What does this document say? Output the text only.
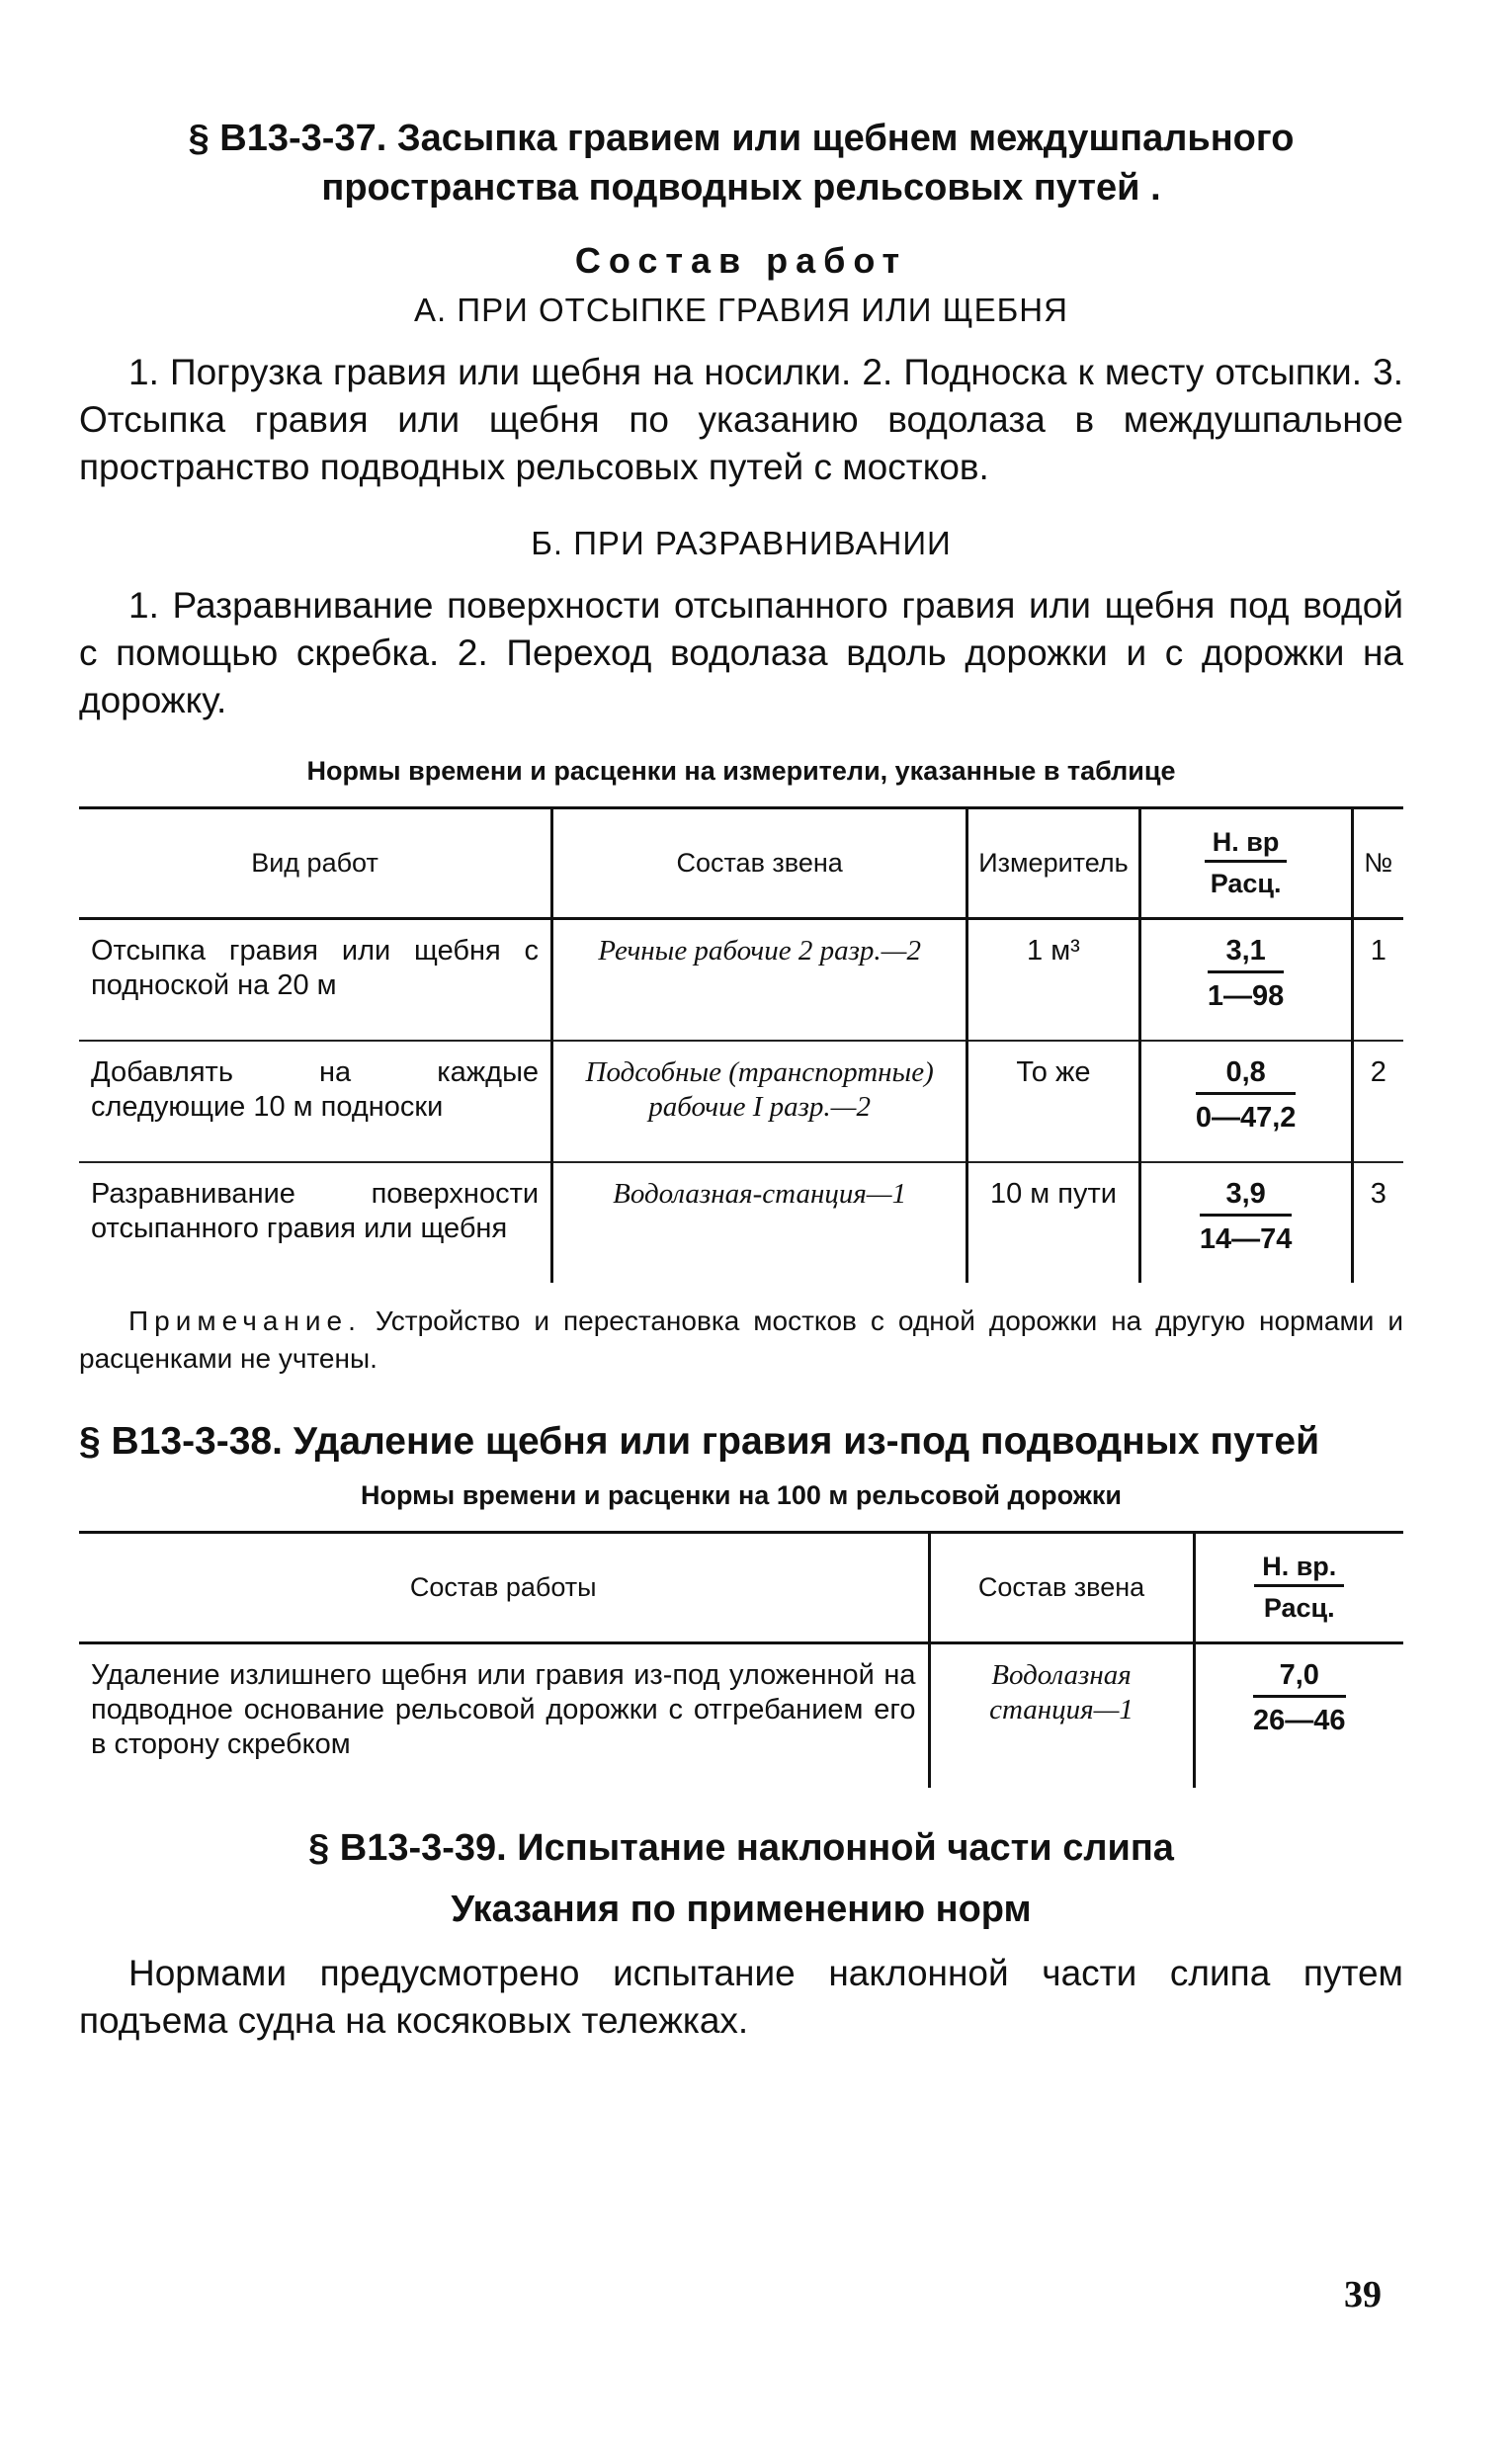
§ В13-3-37. Засыпка гравием или щебнем междушпального

пространства подводных рельсовых путей .

Состав работ

А. ПРИ ОТСЫПКЕ ГРАВИЯ ИЛИ ЩЕБНЯ

1. Погрузка гравия или щебня на носилки. 2. Подноска к месту отсыпки. 3. Отсыпка гравия или щебня по указанию водолаза в междушпальное пространство подводных рельсовых путей с мостков.

Б. ПРИ РАЗРАВНИВАНИИ

1. Разравнивание поверхности отсыпанного гравия или щебня под водой с помощью скребка. 2. Переход водолаза вдоль дорожки и с дорожки на дорожку.

Нормы времени и расценки на измерители, указанные в таблице

Вид работ	Состав звена	Измеритель	$\frac{Н. вр}{\text{Расц.}}$	№
Отсыпка гравия или щебня с подноской на 20 м	Речные рабочие 2 разр.—2	1 м³	$\frac{3,1}{1—98}$	1
Добавлять на каждые следующие 10 м подноски	Подсобные (транспортные) рабочие I разр.—2	То же	$\frac{0,8}{0—47,2}$	2
Разравнивание поверхности отсыпанного гравия или щебня	Водолазная-станция—1	10 м пути	$\frac{3,9}{14—74}$	3

Примечание. Устройство и перестановка мостков с одной дорожки на другую нормами и расценками не учтены.

§ В13-3-38. Удаление щебня или гравия из-под подводных путей

Нормы времени и расценки на 100 м рельсовой дорожки

Состав работы	Состав звена	$\frac{Н. вр.}{\text{Расц.}}$

Удаление излишнего щебня или гравия из-под уложенной на подводное основание рельсовой дорожки с отгребанием его в сторону скребком	Водолазная станция—1	$\frac{7,0}{26—46}$

§ В13-3-39. Испытание наклонной части слипа

Указания по применению норм

Нормами предусмотрено испытание наклонной части слипа путем подъема судна на косяковых тележках.

39
